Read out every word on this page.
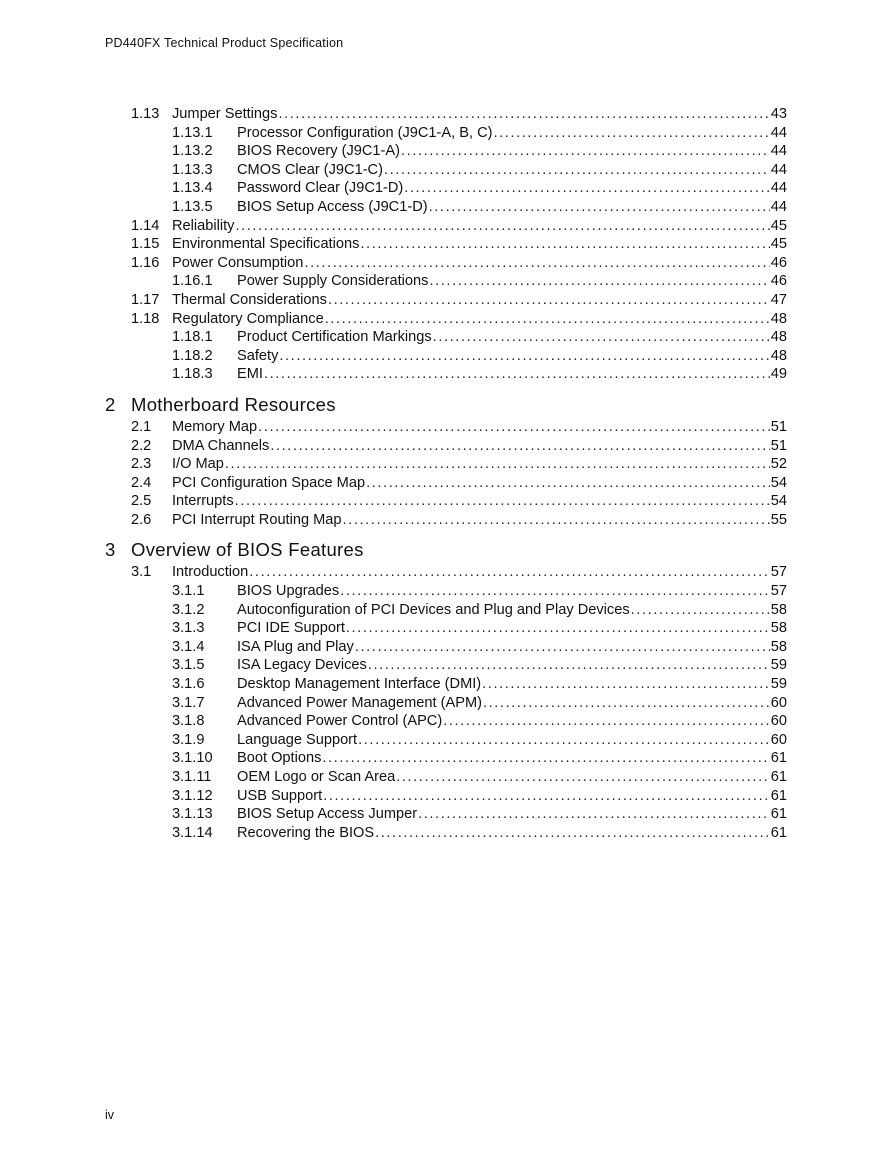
PD440FX Technical Product Specification
1.13 Jumper Settings .....	43
1.13.1 Processor Configuration (J9C1-A, B, C) .....	44
1.13.2 BIOS Recovery (J9C1-A) .....	44
1.13.3 CMOS Clear (J9C1-C) .....	44
1.13.4 Password Clear (J9C1-D) .....	44
1.13.5 BIOS Setup Access (J9C1-D) .....	44
1.14 Reliability .....	45
1.15 Environmental Specifications .....	45
1.16 Power Consumption .....	46
1.16.1 Power Supply Considerations .....	46
1.17 Thermal Considerations .....	47
1.18 Regulatory Compliance .....	48
1.18.1 Product Certification Markings .....	48
1.18.2 Safety .....	48
1.18.3 EMI .....	49
2 Motherboard Resources
2.1 Memory Map .....	51
2.2 DMA Channels .....	51
2.3 I/O Map .....	52
2.4 PCI Configuration Space Map .....	54
2.5 Interrupts .....	54
2.6 PCI Interrupt Routing Map .....	55
3 Overview of BIOS Features
3.1 Introduction .....	57
3.1.1 BIOS Upgrades .....	57
3.1.2 Autoconfiguration of PCI Devices and Plug and Play Devices .....	58
3.1.3 PCI IDE Support .....	58
3.1.4 ISA Plug and Play .....	58
3.1.5 ISA Legacy Devices .....	59
3.1.6 Desktop Management Interface (DMI) .....	59
3.1.7 Advanced Power Management (APM) .....	60
3.1.8 Advanced Power Control (APC) .....	60
3.1.9 Language Support .....	60
3.1.10 Boot Options .....	61
3.1.11 OEM Logo or Scan Area .....	61
3.1.12 USB Support .....	61
3.1.13 BIOS Setup Access Jumper .....	61
3.1.14 Recovering the BIOS .....	61
iv
